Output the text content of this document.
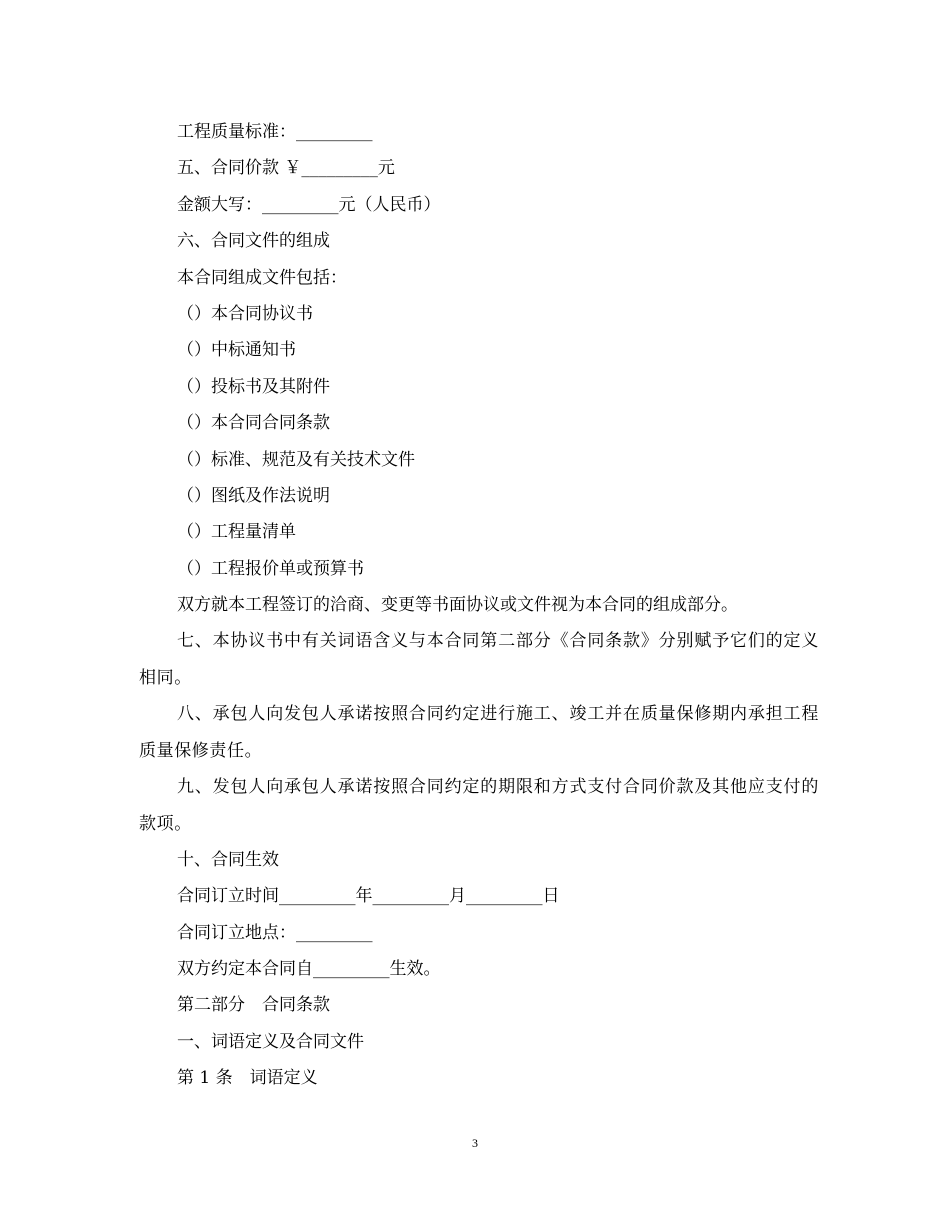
工程质量标准：_________
五、合同价款 ￥_________元
金额大写：_________元（人民币）
六、合同文件的组成
本合同组成文件包括：
（）本合同协议书
（）中标通知书
（）投标书及其附件
（）本合同合同条款
（）标准、规范及有关技术文件
（）图纸及作法说明
（）工程量清单
（）工程报价单或预算书
双方就本工程签订的洽商、变更等书面协议或文件视为本合同的组成部分。
七、本协议书中有关词语含义与本合同第二部分《合同条款》分别赋予它们的定义相同。
八、承包人向发包人承诺按照合同约定进行施工、竣工并在质量保修期内承担工程质量保修责任。
九、发包人向承包人承诺按照合同约定的期限和方式支付合同价款及其他应支付的款项。
十、合同生效
合同订立时间_________年_________月_________日
合同订立地点：_________
双方约定本合同自_________生效。
第二部分　合同条款
一、词语定义及合同文件
第 1 条　词语定义
3
